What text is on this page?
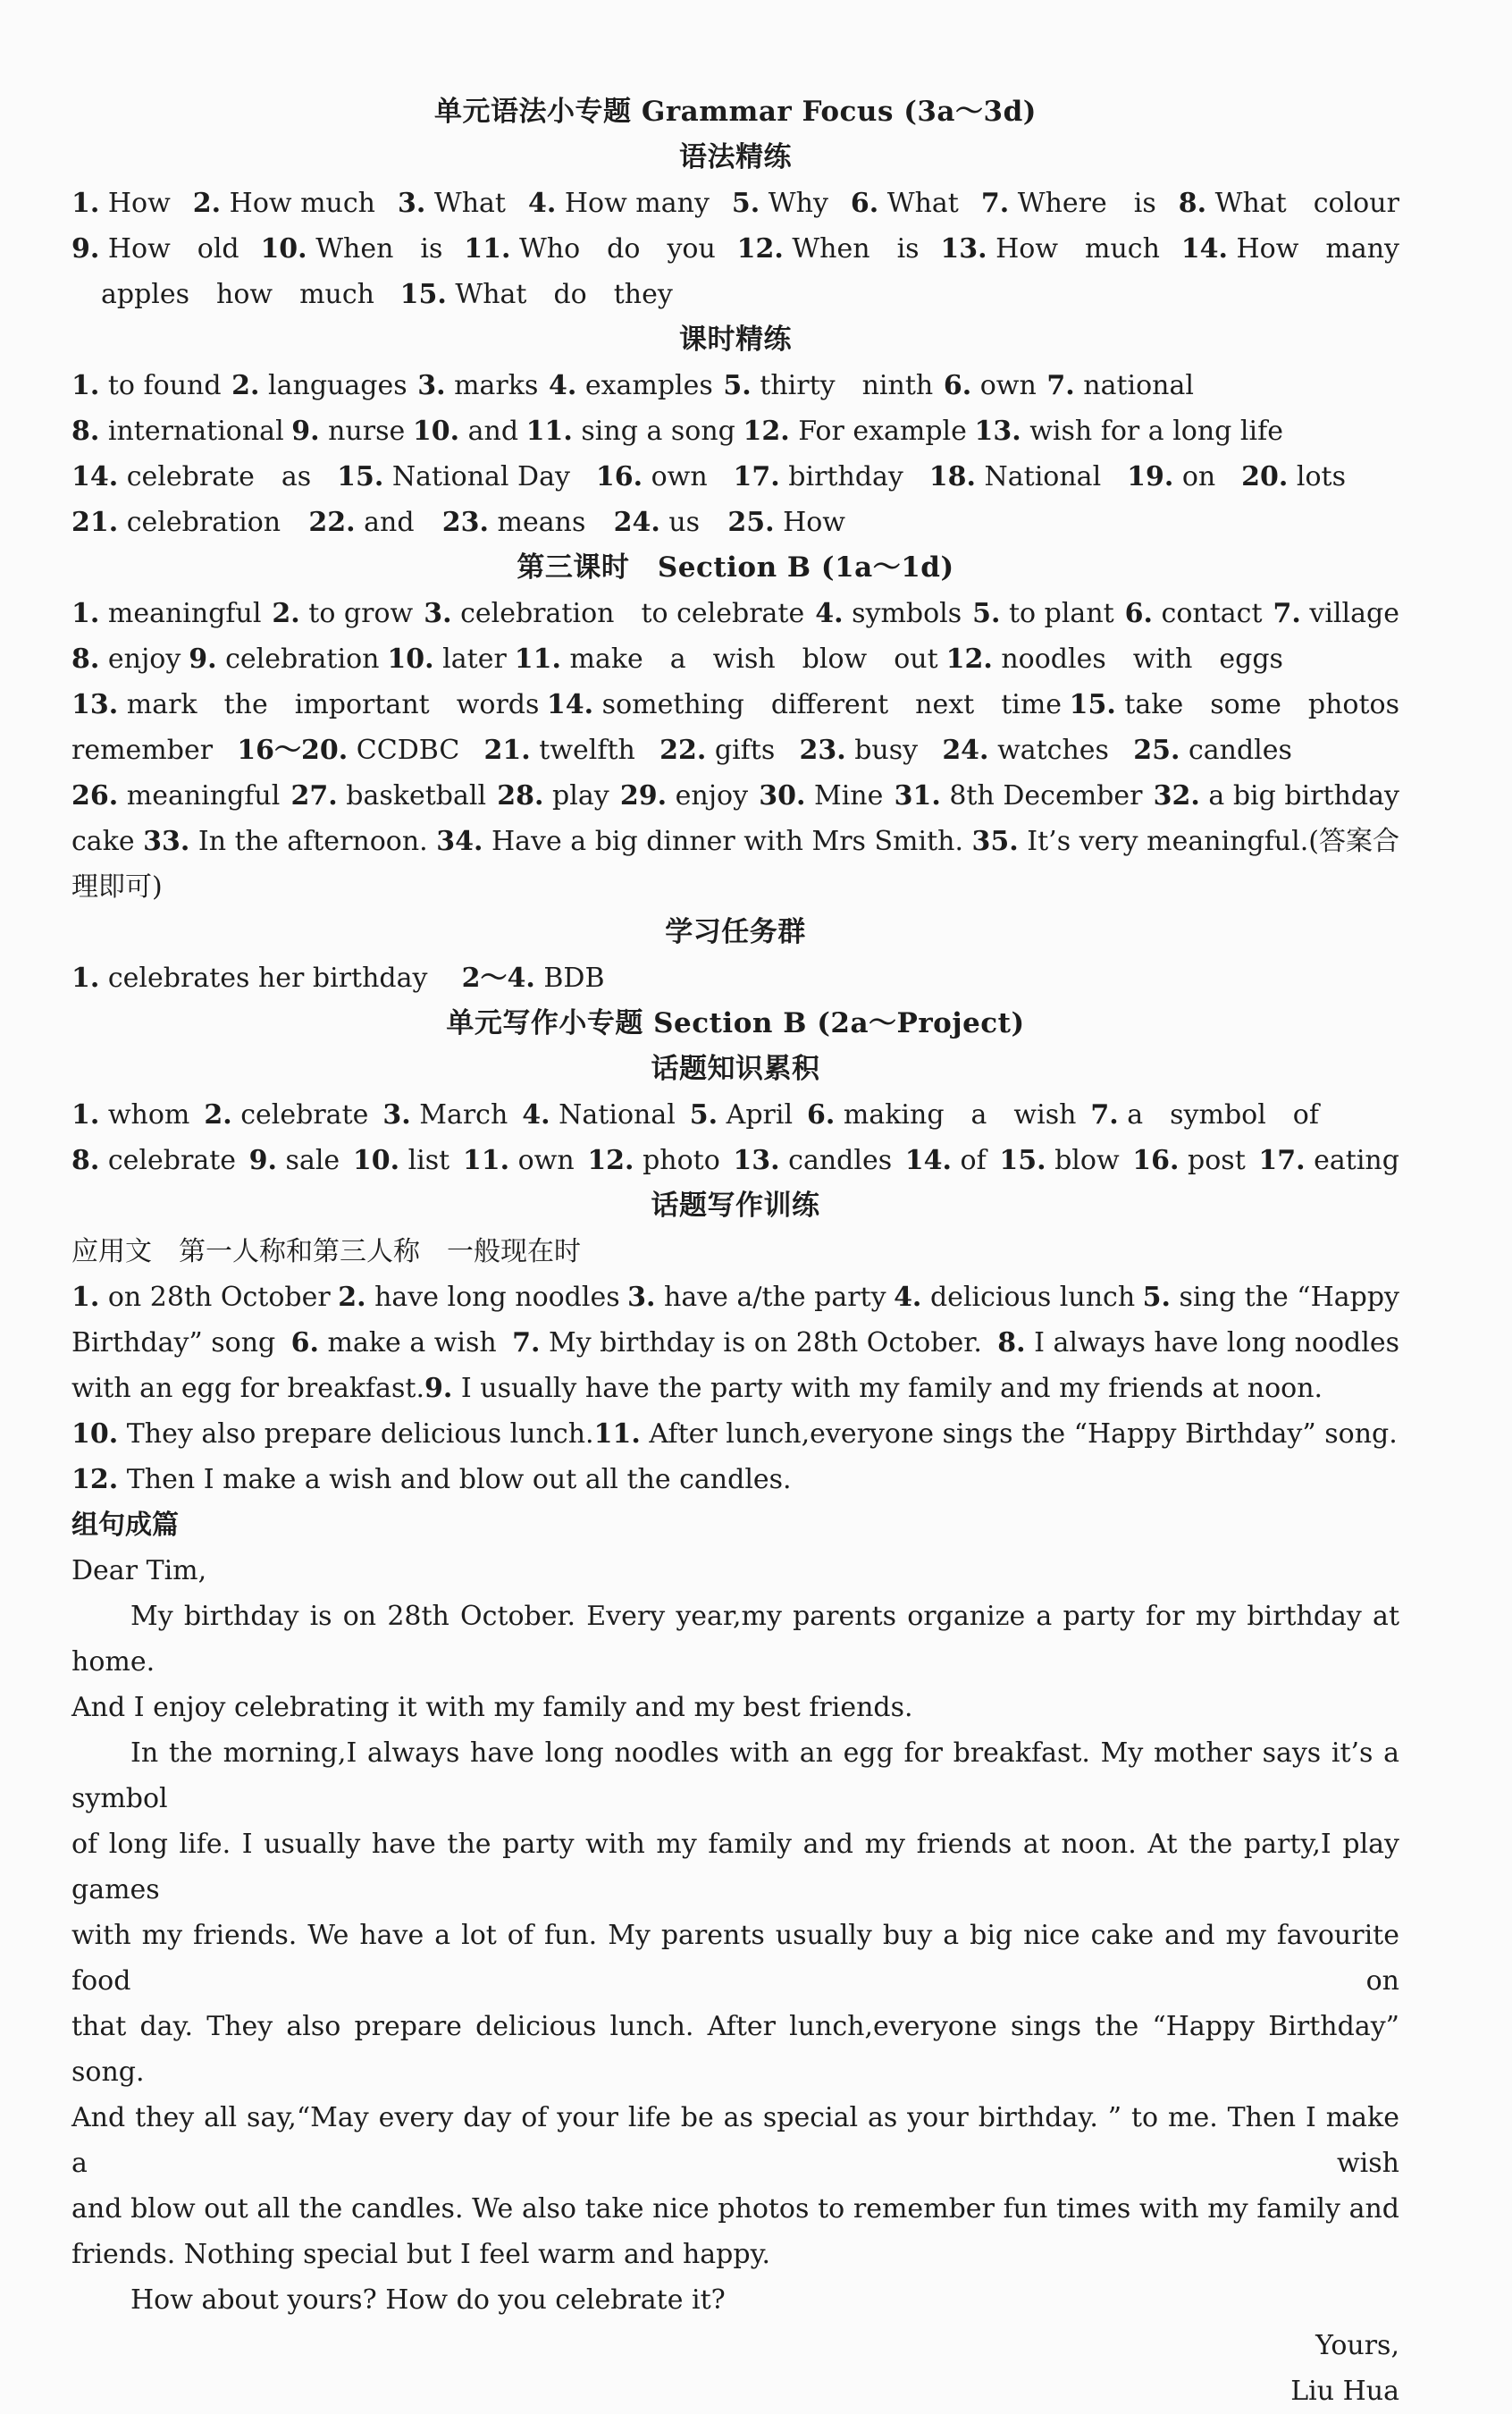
单元语法小专题 Grammar Focus (3a～3d)
语法精练
1. How 2. How much 3. What 4. How many 5. Why 6. What 7. Where　is 8. What　colour
9. How　old 10. When　is 11. Who　do　you 12. When　is 13. How　much 14. How　many
apples　how　much 15. What　do　they
课时精练
1. to found 2. languages 3. marks 4. examples 5. thirty　ninth 6. own 7. national
8. international 9. nurse 10. and 11. sing a song 12. For example 13. wish for a long life
14. celebrate　as 15. National Day 16. own 17. birthday 18. National 19. on 20. lots
21. celebration 22. and 23. means 24. us 25. How
第三课时　Section B (1a～1d)
1. meaningful 2. to grow 3. celebration　to celebrate 4. symbols 5. to plant 6. contact 7. village
8. enjoy 9. celebration 10. later 11. make　a　wish　blow　out 12. noodles　with　eggs
13. mark　the　important　words 14. something　different　next　time 15. take　some　photos
remember 16～20. CCDBC 21. twelfth 22. gifts 23. busy 24. watches 25. candles
26. meaningful 27. basketball 28. play 29. enjoy 30. Mine 31. 8th December 32. a big birthday
cake 33. In the afternoon. 34. Have a big dinner with Mrs Smith. 35. It’s very meaningful.(答案合
理即可)
学习任务群
1. celebrates her birthday 2～4. BDB
单元写作小专题 Section B (2a～Project)
话题知识累积
1. whom 2. celebrate 3. March 4. National 5. April 6. making　a　wish 7. a　symbol　of
8. celebrate 9. sale 10. list 11. own 12. photo 13. candles 14. of 15. blow 16. post 17. eating
话题写作训练
应用文　第一人称和第三人称　一般现在时
1. on 28th October 2. have long noodles 3. have a/the party 4. delicious lunch 5. sing the “Happy
Birthday” song 6. make a wish 7. My birthday is on 28th October. 8. I always have long noodles
with an egg for breakfast. 9. I usually have the party with my family and my friends at noon.
10. They also prepare delicious lunch. 11. After lunch,everyone sings the “Happy Birthday” song.
12. Then I make a wish and blow out all the candles.
组句成篇
Dear Tim,
My birthday is on 28th October. Every year,my parents organize a party for my birthday at home.
And I enjoy celebrating it with my family and my best friends.
In the morning,I always have long noodles with an egg for breakfast. My mother says it’s a symbol
of long life. I usually have the party with my family and my friends at noon. At the party,I play games
with my friends. We have a lot of fun. My parents usually buy a big nice cake and my favourite food on
that day. They also prepare delicious lunch. After lunch,everyone sings the “Happy Birthday” song.
And they all say,“May every day of your life be as special as your birthday. ” to me. Then I make a wish
and blow out all the candles. We also take nice photos to remember fun times with my family and
friends. Nothing special but I feel warm and happy.
How about yours? How do you celebrate it?
Yours,
Liu Hua
